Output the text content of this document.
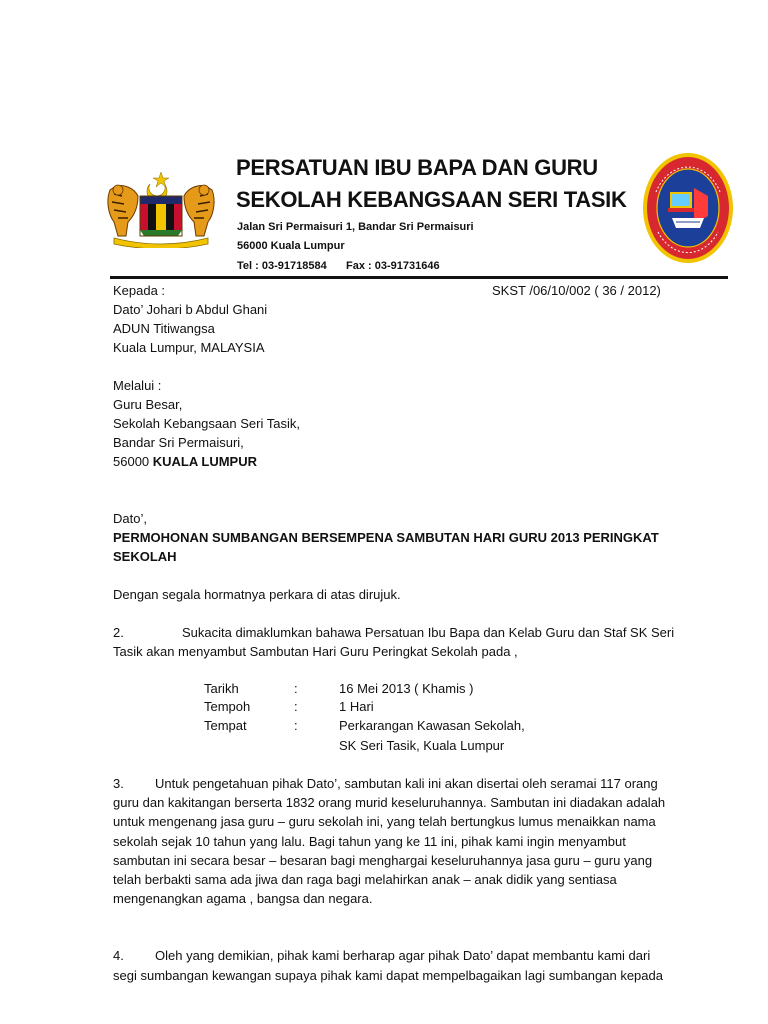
PERSATUAN IBU BAPA DAN GURU
SEKOLAH KEBANGSAAN SERI TASIK
Jalan Sri Permaisuri 1, Bandar Sri Permaisuri
56000 Kuala Lumpur
Tel : 03-91718584 Fax : 03-91731646
Kepada :	SKST /06/10/002 ( 36 / 2012)
Dato’ Johari b Abdul Ghani
ADUN Titiwangsa
Kuala Lumpur, MALAYSIA
Melalui :
Guru Besar,
Sekolah Kebangsaan Seri Tasik,
Bandar Sri Permaisuri,
56000 KUALA LUMPUR
Dato’,
PERMOHONAN SUMBANGAN BERSEMPENA SAMBUTAN HARI GURU 2013 PERINGKAT
SEKOLAH
Dengan segala hormatnya perkara di atas dirujuk.
2.	Sukacita dimaklumkan bahawa Persatuan Ibu Bapa dan Kelab Guru dan Staf SK Seri
Tasik akan menyambut Sambutan Hari Guru Peringkat Sekolah pada ,
Tarikh	:	16 Mei 2013 ( Khamis )
Tempoh	:	1 Hari
Tempat	:	Perkarangan Kawasan Sekolah,
SK Seri Tasik, Kuala Lumpur
3. Untuk pengetahuan pihak Dato’, sambutan kali ini akan disertai oleh seramai 117 orang
guru dan kakitangan berserta 1832 orang murid keseluruhannya. Sambutan ini diadakan adalah
untuk mengenang jasa guru – guru sekolah ini, yang telah bertungkus lumus menaikkan nama
sekolah sejak 10 tahun yang lalu. Bagi tahun yang ke 11 ini, pihak kami ingin menyambut
sambutan ini secara besar – besaran bagi menghargai keseluruhannya jasa guru – guru yang
telah berbakti sama ada jiwa dan raga bagi melahirkan anak – anak didik yang sentiasa
mengenangkan agama , bangsa dan negara.
4. Oleh yang demikian, pihak kami berharap agar pihak Dato’ dapat membantu kami dari
segi sumbangan kewangan supaya pihak kami dapat mempelbagaikan lagi sumbangan kepada
